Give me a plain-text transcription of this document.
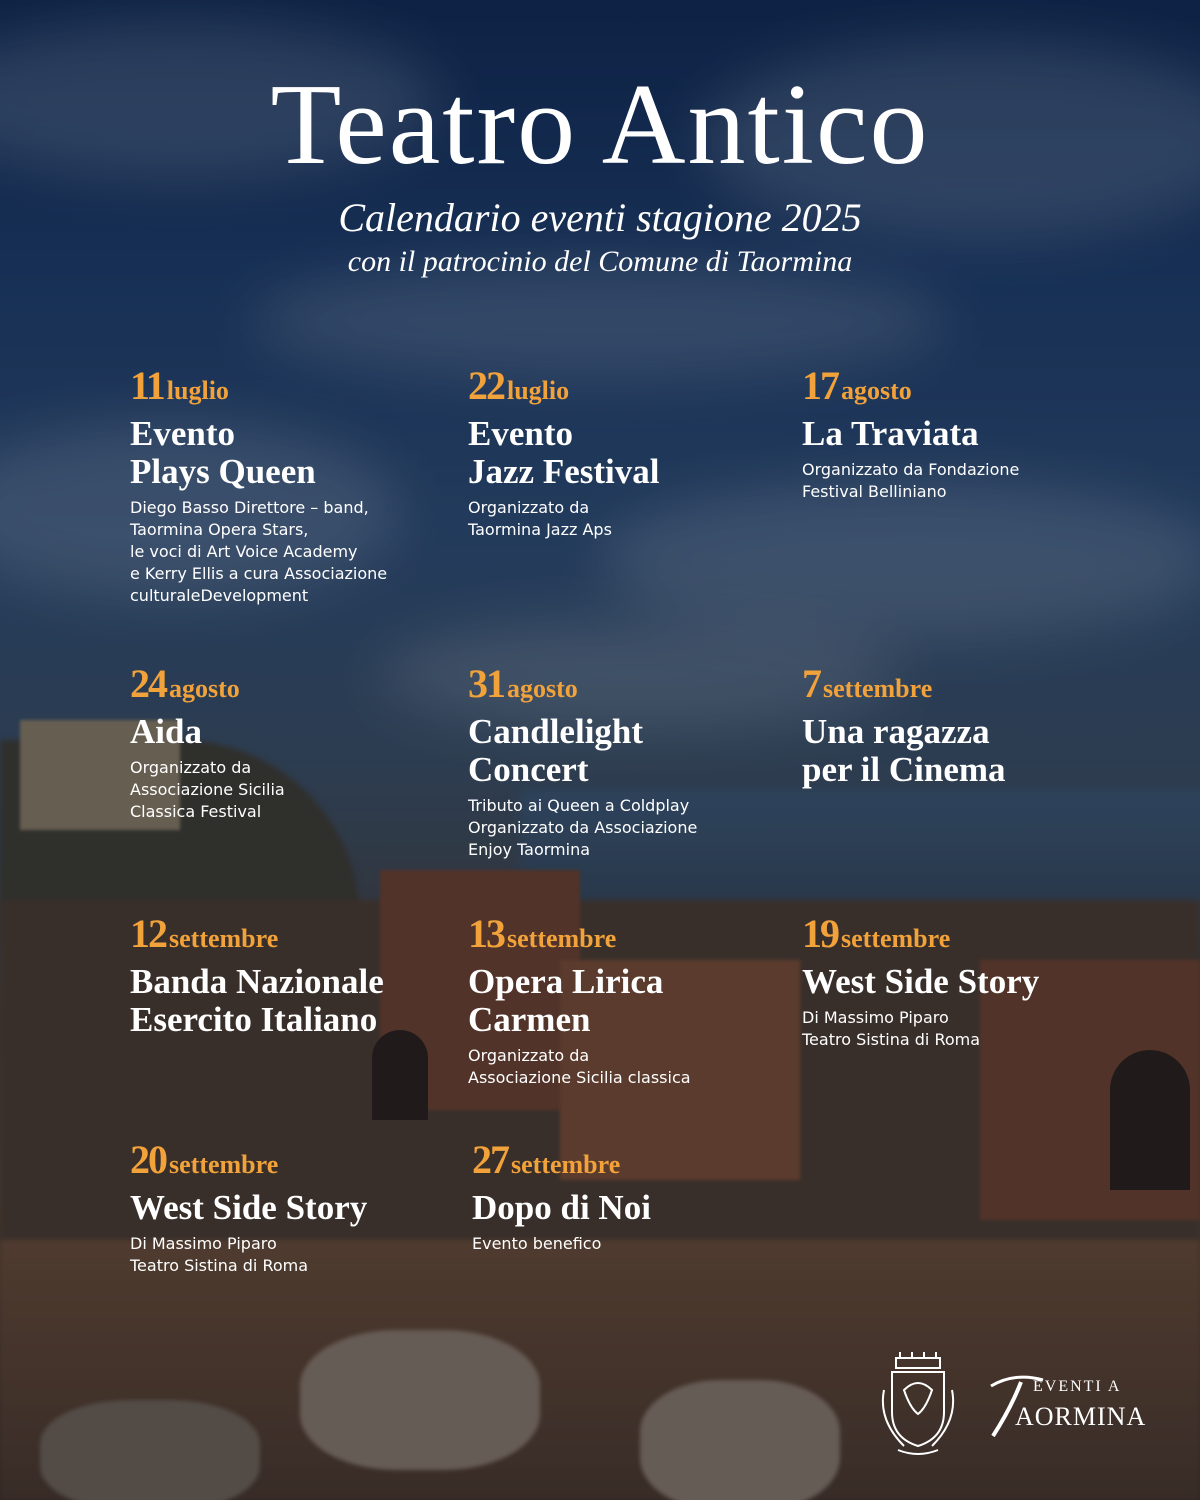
Teatro Antico
Calendario eventi stagione 2025
con il patrocinio del Comune di Taormina
11 luglio
Evento
Plays Queen
Diego Basso Direttore – band,
Taormina Opera Stars,
le voci di Art Voice Academy
e Kerry Ellis a cura Associazione
culturaleDevelopment
22 luglio
Evento
Jazz Festival
Organizzato da
Taormina Jazz Aps
17 agosto
La Traviata
Organizzato da Fondazione
Festival Belliniano
24 agosto
Aida
Organizzato da
Associazione Sicilia
Classica Festival
31 agosto
Candlelight
Concert
Tributo ai Queen a Coldplay
Organizzato da Associazione
Enjoy Taormina
7 settembre
Una ragazza
per il Cinema
12 settembre
Banda Nazionale
Esercito Italiano
13 settembre
Opera Lirica
Carmen
Organizzato da
Associazione Sicilia classica
19 settembre
West Side Story
Di Massimo Piparo
Teatro Sistina di Roma
20 settembre
West Side Story
Di Massimo Piparo
Teatro Sistina di Roma
27 settembre
Dopo di Noi
Evento benefico
EVENTI A
AORMINA
